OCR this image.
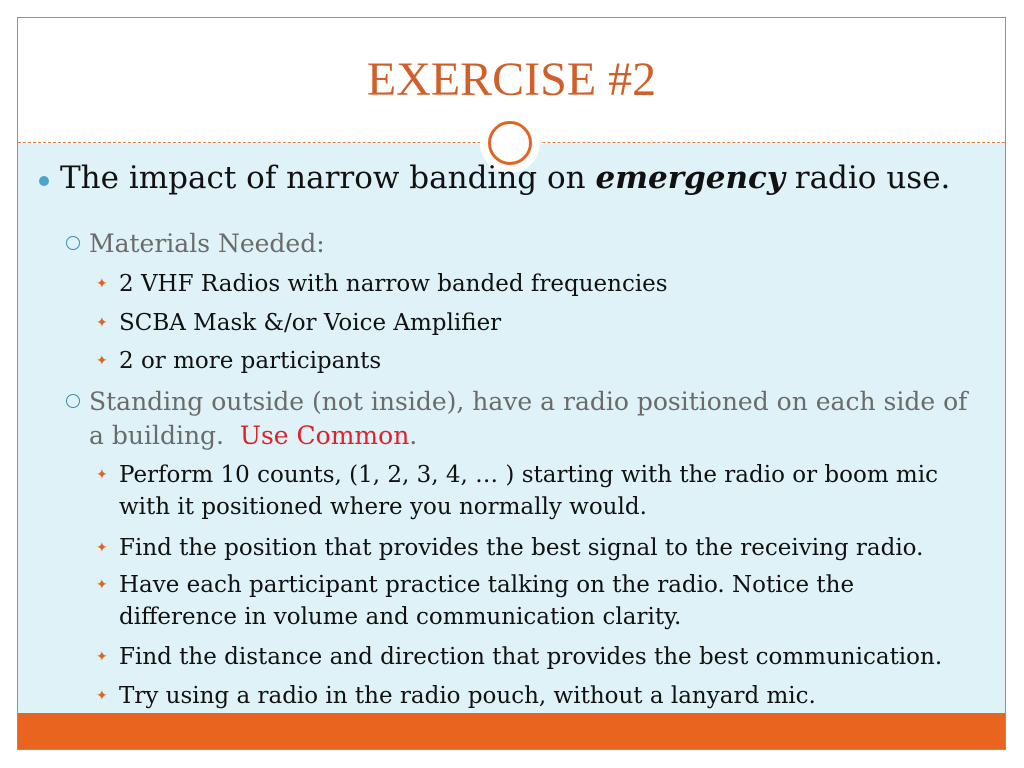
EXERCISE #2
The impact of narrow banding on emergency radio use.
Materials Needed:
✦ 2 VHF Radios with narrow banded frequencies
✦ SCBA Mask &/or Voice Amplifier
✦ 2 or more participants
Standing outside (not inside), have a radio positioned on each side of a building. Use Common.
✦ Perform 10 counts, (1, 2, 3, 4, … ) starting with the radio or boom mic with it positioned where you normally would.
✦ Find the position that provides the best signal to the receiving radio.
✦ Have each participant practice talking on the radio. Notice the difference in volume and communication clarity.
✦ Find the distance and direction that provides the best communication.
✦ Try using a radio in the radio pouch, without a lanyard mic.
